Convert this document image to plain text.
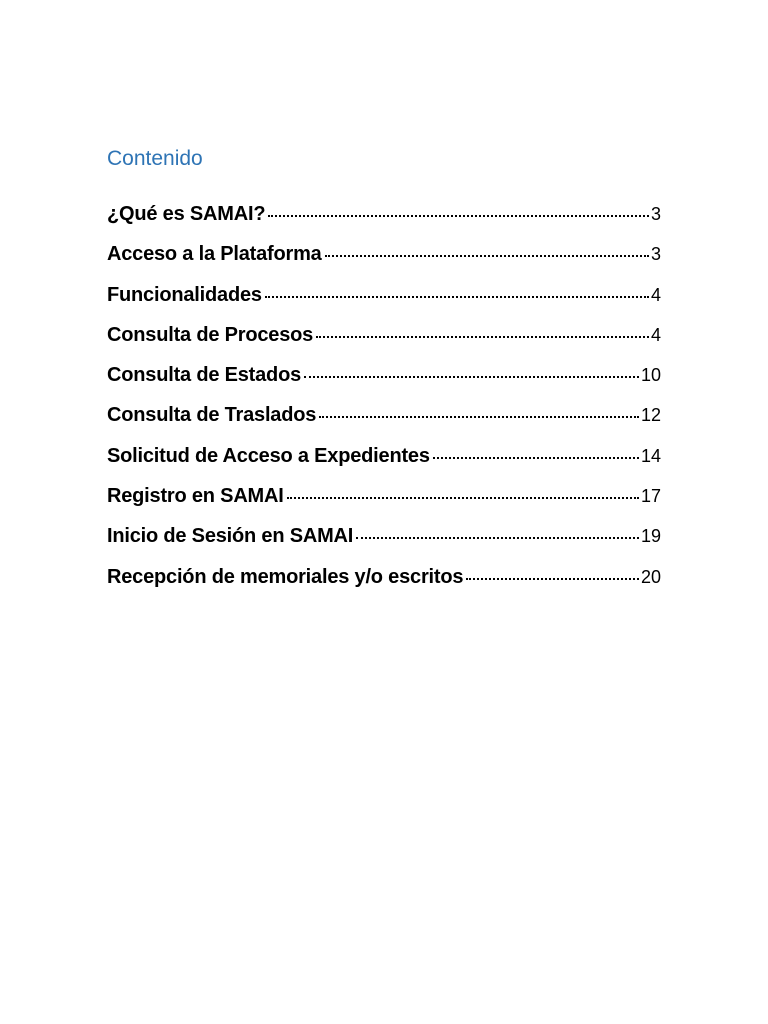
Contenido
¿Qué es SAMAI?	3
Acceso a la Plataforma	3
Funcionalidades	4
Consulta de Procesos	4
Consulta de Estados	10
Consulta de Traslados	12
Solicitud de Acceso a Expedientes	14
Registro en SAMAI	17
Inicio de Sesión en SAMAI	19
Recepción de memoriales y/o escritos	20
